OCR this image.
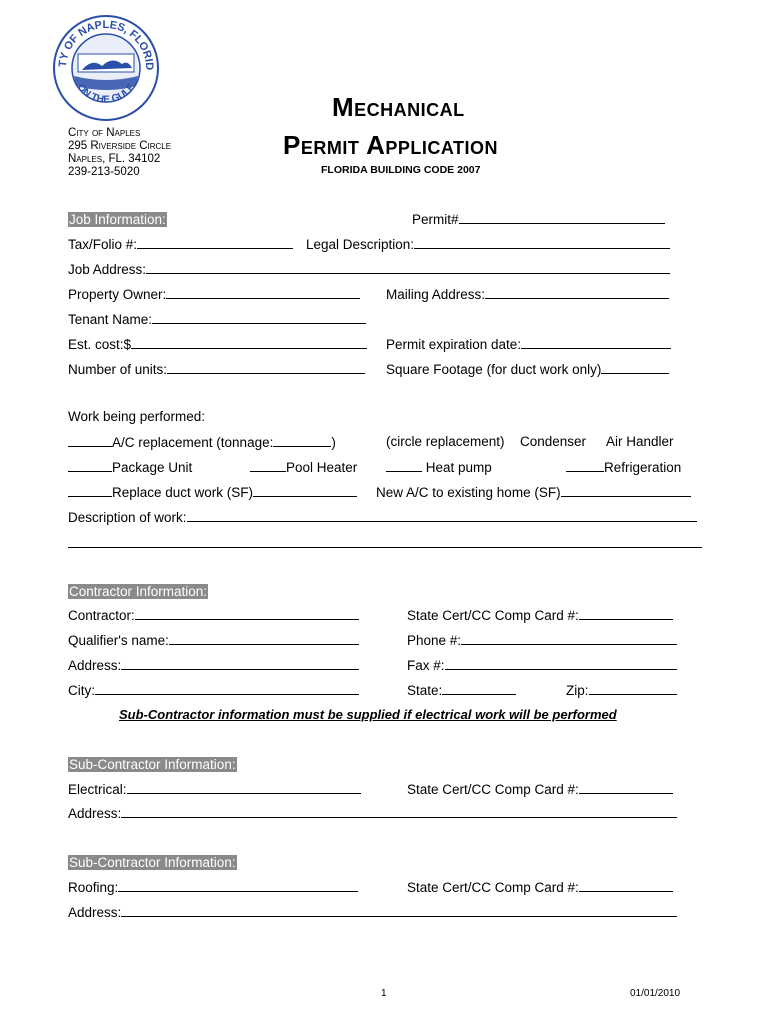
TY OF NAPLES, FLORID
ON THE GULF
City of Naples
295 Riverside Circle
Naples, FL. 34102
239-213-5020
Mechanical
Permit Application
FLORIDA BUILDING CODE 2007
Job Information:	Permit#
Tax/Folio #:	Legal Description:
Job Address:
Property Owner:	Mailing Address:
Tenant Name:
Est. cost:$	Permit expiration date:
Number of units:	Square Footage (for duct work only)
Work being performed:
A/C replacement (tonnage:	)	(circle replacement) Condenser Air Handler
Package Unit	Pool Heater	Heat pump	Refrigeration
Replace duct work (SF)	New A/C to existing home (SF)
Description of work:
Contractor Information:
Contractor:	State Cert/CC Comp Card #:
Qualifier's name:	Phone #:
Address:	Fax #:
City:	State:	Zip:
Sub-Contractor information must be supplied if electrical work will be performed
Sub-Contractor Information:
Electrical:	State Cert/CC Comp Card #:
Address:
Sub-Contractor Information:
Roofing:	State Cert/CC Comp Card #:
Address:
1	01/01/2010
